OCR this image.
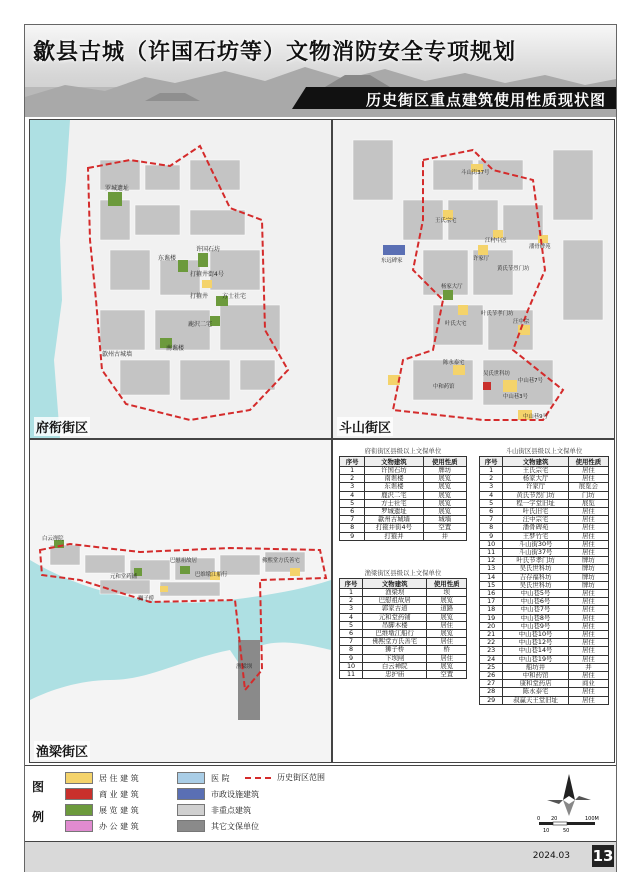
歙县古城（许国石坊等）文物消防安全专项规划
历史街区重点建筑使用性质现状图
罗城遗址
东谯楼
许国石坊
打箍井街4号
打箍井 方士社宅
鹿沢二宅
南谯楼
歙州古城墙
府衔街区
斗山街37号
王氏宗宅
许家厅
江村中医
潘骨碑苑
黄氏节烈门坊
叶氏节孝门坊
杨家大厅
东远碑家
陈永泰宅
叶氏大宅	汪中宗
中和药馆
中山巷3号
中山巷7号
中山巷9号
吴氏世科坊
斗山街区
白云禅院
巴慰祖故居
元和堂药铺
狮子桥
巴维墩江船行
佛熙堂方氏善宅
渔梁坝
渔梁街区
府衔街区县级以上文保单位
序号	文物建筑	使用性质
1	许国石坊	牌坊
2	南谯楼	展览
3	东谯楼	展览
4	鹿沢二宅	展览
5	方士社宅	展览
6	罗城遗址	展览
7	歙州古城墙	城墙
8	打箍井街4号	空置
9	打箍井	井
渔梁街区县级以上文保单位
序号	文物建筑	使用性质
1	渔梁坝	坝
2	巴慰祖故居	展览
3	郭家古道	道路
4	元和堂药铺	展览
5	吊脚木楼	居住
6	巴维墩江船行	展览
7	佛熙堂方氏善宅	居住
8	狮子桥	桥
9	下坝闸	居住
10	白云禅院	展览
11	忠护庙	空置
斗山街区县级以上文保单位
序号	文物建筑	使用性质
1	王氏宗宅	居住
2	杨家大厅	居住
3	许家厅	展览会
4	黄氏节烈门坊	门坊
5	程一字堂旧址	展览
6	叶氏旧宅	居住
7	汪中宗宅	居住
8	潘骨碑苑	居住
9	王梦竹宅	居住
10	斗山街30号	居住
11	斗山街37号	居住
12	叶氏节孝门坊	牌坊
13	吴氏世科坊	牌坊
14	吉存福科坊	牌坊
15	吴氏世科坊	牌坊
16	中山巷5号	居住
17	中山巷6号	居住
18	中山巷7号	居住
19	中山巷8号	居住
20	中山巷9号	居住
21	中山巷10号	居住
22	中山巷12号	居住
23	中山巷14号	居住
24	中山巷19号	居住
25	船坊井	井
26	中和药馆	居住
27	康和堂药店	商业
28	陈永泰宅	居住
29	叔赢天王堂旧址	居住
图例
居 住 建 筑
商 业 建 筑
展 览 建 筑
办 公 建 筑
医 院
市政设施建筑
非重点建筑
其它文保单位
历史街区范围
0 20	100M
10	50
2024.03 13
